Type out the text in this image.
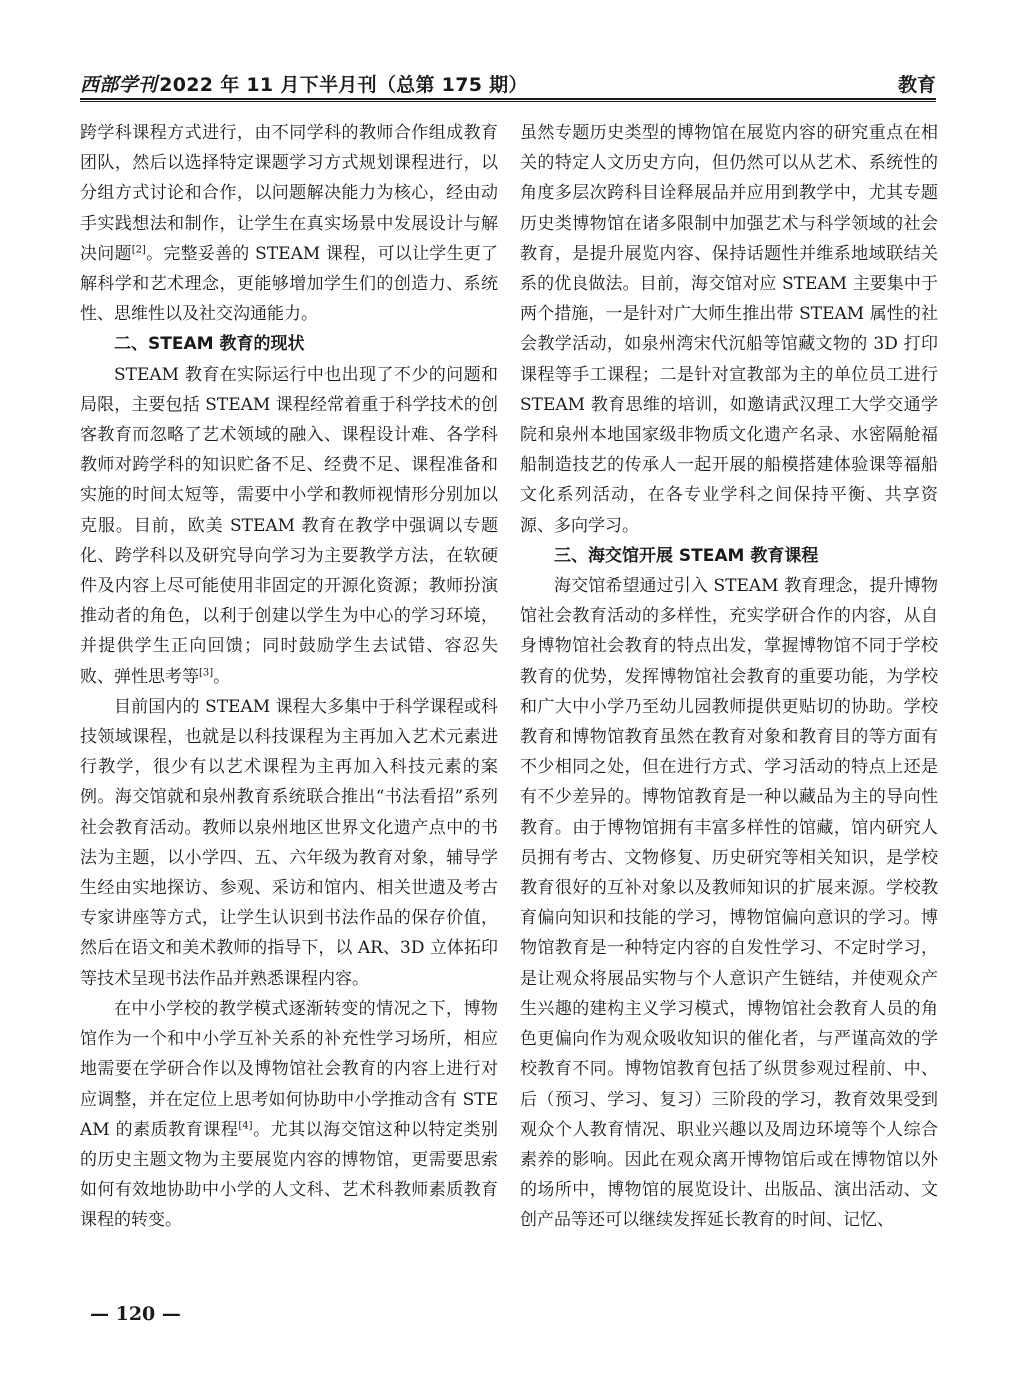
西部学刊 2022 年 11 月下半月刊（总第 175 期）	教育

跨学科课程方式进行，由不同学科的教师合作组成教育团队，然后以选择特定课题学习方式规划课程进行，以分组方式讨论和合作，以问题解决能力为核心，经由动手实践想法和制作，让学生在真实场景中发展设计与解决问题[2]。完整妥善的 STEAM 课程，可以让学生更了解科学和艺术理念，更能够增加学生们的创造力、系统性、思维性以及社交沟通能力。

二、STEAM 教育的现状

STEAM 教育在实际运行中也出现了不少的问题和局限，主要包括 STEAM 课程经常着重于科学技术的创客教育而忽略了艺术领域的融入、课程设计难、各学科教师对跨学科的知识贮备不足、经费不足、课程准备和实施的时间太短等，需要中小学和教师视情形分别加以克服。目前，欧美 STEAM 教育在教学中强调以专题化、跨学科以及研究导向学习为主要教学方法，在软硬件及内容上尽可能使用非固定的开源化资源；教师扮演推动者的角色，以利于创建以学生为中心的学习环境，并提供学生正向回馈；同时鼓励学生去试错、容忍失败、弹性思考等[3]。

目前国内的 STEAM 课程大多集中于科学课程或科技领域课程，也就是以科技课程为主再加入艺术元素进行教学，很少有以艺术课程为主再加入科技元素的案例。海交馆就和泉州教育系统联合推出“书法看招”系列社会教育活动。教师以泉州地区世界文化遗产点中的书法为主题，以小学四、五、六年级为教育对象，辅导学生经由实地探访、参观、采访和馆内、相关世遗及考古专家讲座等方式，让学生认识到书法作品的保存价值，然后在语文和美术教师的指导下，以 AR、3D 立体拓印等技术呈现书法作品并熟悉课程内容。

在中小学校的教学模式逐渐转变的情况之下，博物馆作为一个和中小学互补关系的补充性学习场所，相应地需要在学研合作以及博物馆社会教育的内容上进行对应调整，并在定位上思考如何协助中小学推动含有 STEAM 的素质教育课程[4]。尤其以海交馆这种以特定类别的历史主题文物为主要展览内容的博物馆，更需要思索如何有效地协助中小学的人文科、艺术科教师素质教育课程的转变。

虽然专题历史类型的博物馆在展览内容的研究重点在相关的特定人文历史方向，但仍然可以从艺术、系统性的角度多层次跨科目诠释展品并应用到教学中，尤其专题历史类博物馆在诸多限制中加强艺术与科学领域的社会教育，是提升展览内容、保持话题性并维系地域联结关系的优良做法。目前，海交馆对应 STEAM 主要集中于两个措施，一是针对广大师生推出带 STEAM 属性的社会教学活动，如泉州湾宋代沉船等馆藏文物的 3D 打印课程等手工课程；二是针对宣教部为主的单位员工进行 STEAM 教育思维的培训，如邀请武汉理工大学交通学院和泉州本地国家级非物质文化遗产名录、水密隔舱福船制造技艺的传承人一起开展的船模搭建体验课等福船文化系列活动，在各专业学科之间保持平衡、共享资源、多向学习。

三、海交馆开展 STEAM 教育课程

海交馆希望通过引入 STEAM 教育理念，提升博物馆社会教育活动的多样性，充实学研合作的内容，从自身博物馆社会教育的特点出发，掌握博物馆不同于学校教育的优势，发挥博物馆社会教育的重要功能，为学校和广大中小学乃至幼儿园教师提供更贴切的协助。学校教育和博物馆教育虽然在教育对象和教育目的等方面有不少相同之处，但在进行方式、学习活动的特点上还是有不少差异的。博物馆教育是一种以藏品为主的导向性教育。由于博物馆拥有丰富多样性的馆藏，馆内研究人员拥有考古、文物修复、历史研究等相关知识，是学校教育很好的互补对象以及教师知识的扩展来源。学校教育偏向知识和技能的学习，博物馆偏向意识的学习。博物馆教育是一种特定内容的自发性学习、不定时学习，是让观众将展品实物与个人意识产生链结，并使观众产生兴趣的建构主义学习模式，博物馆社会教育人员的角色更偏向作为观众吸收知识的催化者，与严谨高效的学校教育不同。博物馆教育包括了纵贯参观过程前、中、后（预习、学习、复习）三阶段的学习，教育效果受到观众个人教育情况、职业兴趣以及周边环境等个人综合素养的影响。因此在观众离开博物馆后或在博物馆以外的场所中，博物馆的展览设计、出版品、演出活动、文创产品等还可以继续发挥延长教育的时间、记忆、

— 120 —
